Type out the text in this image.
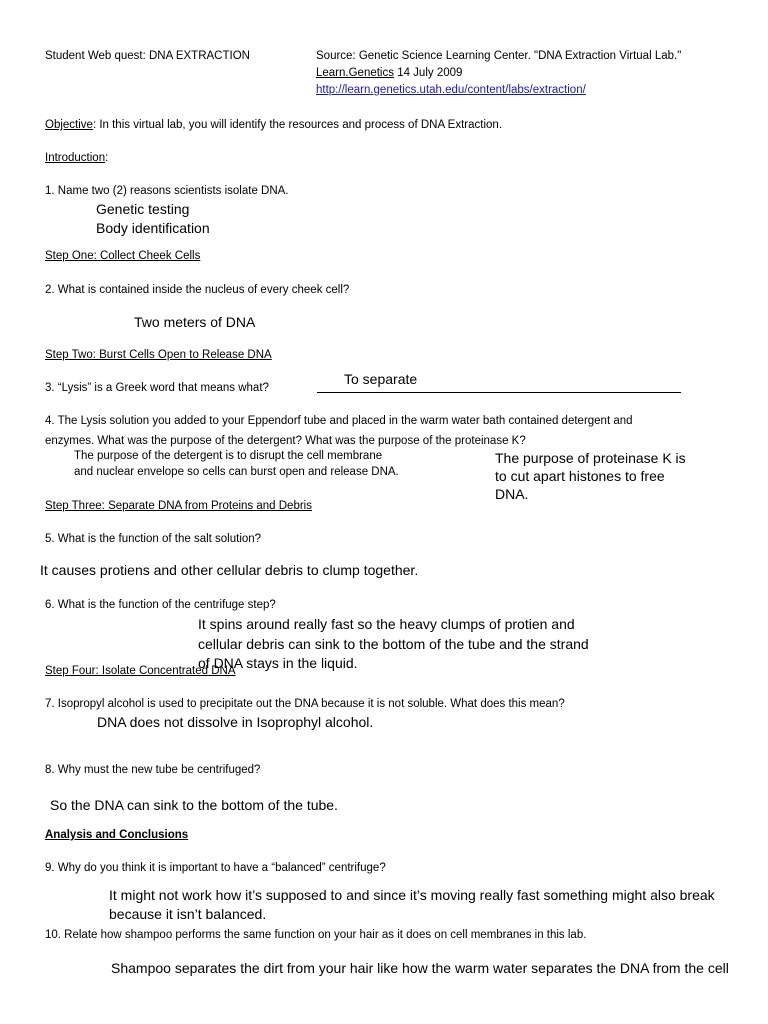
Student Web quest: DNA EXTRACTION	Source: Genetic Science Learning Center. "DNA Extraction Virtual Lab."
Learn.Genetics 14 July 2009
http://learn.genetics.utah.edu/content/labs/extraction/
Objective: In this virtual lab, you will identify the resources and process of DNA Extraction.
Introduction:
1. Name two (2) reasons scientists isolate DNA.
Genetic testing
Body identification
Step One: Collect Cheek Cells
2. What is contained inside the nucleus of every cheek cell?
Two meters of DNA
Step Two: Burst Cells Open to Release DNA
3. “Lysis” is a Greek word that means what?
To separate
4. The Lysis solution you added to your Eppendorf tube and placed in the warm water bath contained detergent and
enzymes. What was the purpose of the detergent? What was the purpose of the proteinase K?
The purpose of the detergent is to disrupt the cell membrane and nuclear envelope so cells can burst open and release DNA.
The purpose of proteinase K is to cut apart histones to free DNA.
Step Three: Separate DNA from Proteins and Debris
5. What is the function of the salt solution?
It causes protiens and other cellular debris to clump together.
6. What is the function of the centrifuge step?
It spins around really fast so the heavy clumps of protien and cellular debris can sink to the bottom of the tube and the strand of DNA stays in the liquid.
Step Four: Isolate Concentrated DNA
7. Isopropyl alcohol is used to precipitate out the DNA because it is not soluble. What does this mean?
DNA does not dissolve in Isoprophyl alcohol.
8. Why must the new tube be centrifuged?
So the DNA can sink to the bottom of the tube.
Analysis and Conclusions
9. Why do you think it is important to have a “balanced” centrifuge?
It might not work how it’s supposed to and since it’s moving really fast something might also break
because it isn’t balanced.
10. Relate how shampoo performs the same function on your hair as it does on cell membranes in this lab.
Shampoo separates the dirt from your hair like how the warm water separates the DNA from the cell
